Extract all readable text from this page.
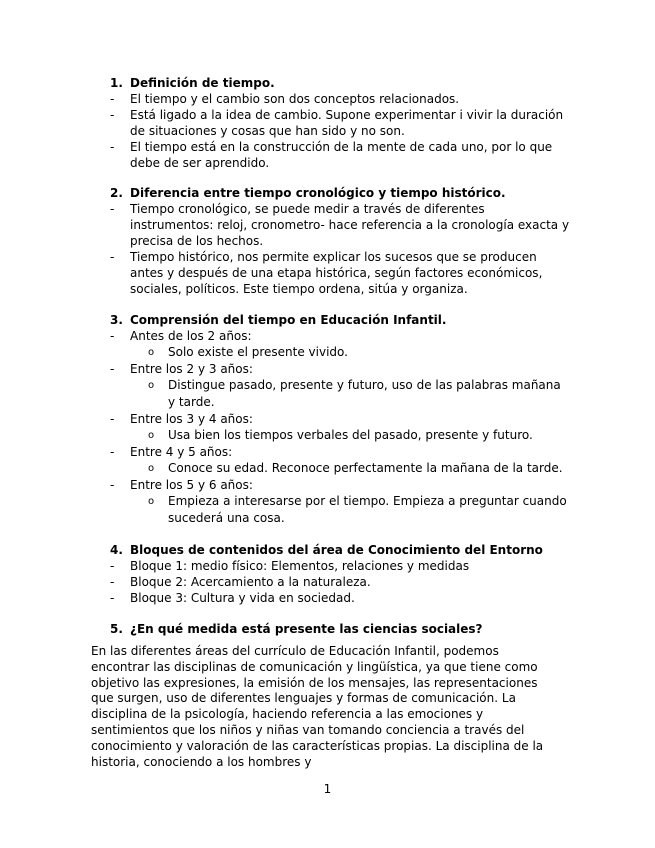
1. Definición de tiempo.
-	El tiempo y el cambio son dos conceptos relacionados.
-	Está ligado a la idea de cambio. Supone experimentar i vivir la duración de situaciones y cosas que han sido y no son.
-	El tiempo está en la construcción de la mente de cada uno, por lo que debe de ser aprendido.
2. Diferencia entre tiempo cronológico y tiempo histórico.
-	Tiempo cronológico, se puede medir a través de diferentes instrumentos: reloj, cronometro- hace referencia a la cronología exacta y precisa de los hechos.
-	Tiempo histórico, nos permite explicar los sucesos que se producen antes y después de una etapa histórica, según factores económicos, sociales, políticos. Este tiempo ordena, sitúa y organiza.
3. Comprensión del tiempo en Educación Infantil.
-	Antes de los 2 años:
o	Solo existe el presente vivido.
-	Entre los 2 y 3 años:
o	Distingue pasado, presente y futuro, uso de las palabras mañana y tarde.
-	Entre los 3 y 4 años:
o	Usa bien los tiempos verbales del pasado, presente y futuro.
-	Entre 4 y 5 años:
o	Conoce su edad. Reconoce perfectamente la mañana de la tarde.
-	Entre los 5 y 6 años:
o	Empieza a interesarse por el tiempo. Empieza a preguntar cuando sucederá una cosa.
4. Bloques de contenidos del área de Conocimiento del Entorno
-	Bloque 1: medio físico: Elementos, relaciones y medidas
-	Bloque 2: Acercamiento a la naturaleza.
-	Bloque 3: Cultura y vida en sociedad.
5. ¿En qué medida está presente las ciencias sociales?

En las diferentes áreas del currículo de Educación Infantil, podemos encontrar las disciplinas de comunicación y lingüística, ya que tiene como objetivo las expresiones, la emisión de los mensajes, las representaciones que surgen, uso de diferentes lenguajes y formas de comunicación. La disciplina de la psicología, haciendo referencia a las emociones y sentimientos que los niños y niñas van tomando conciencia a través del conocimiento y valoración de las características propias. La disciplina de la historia, conociendo a los hombres y

1
